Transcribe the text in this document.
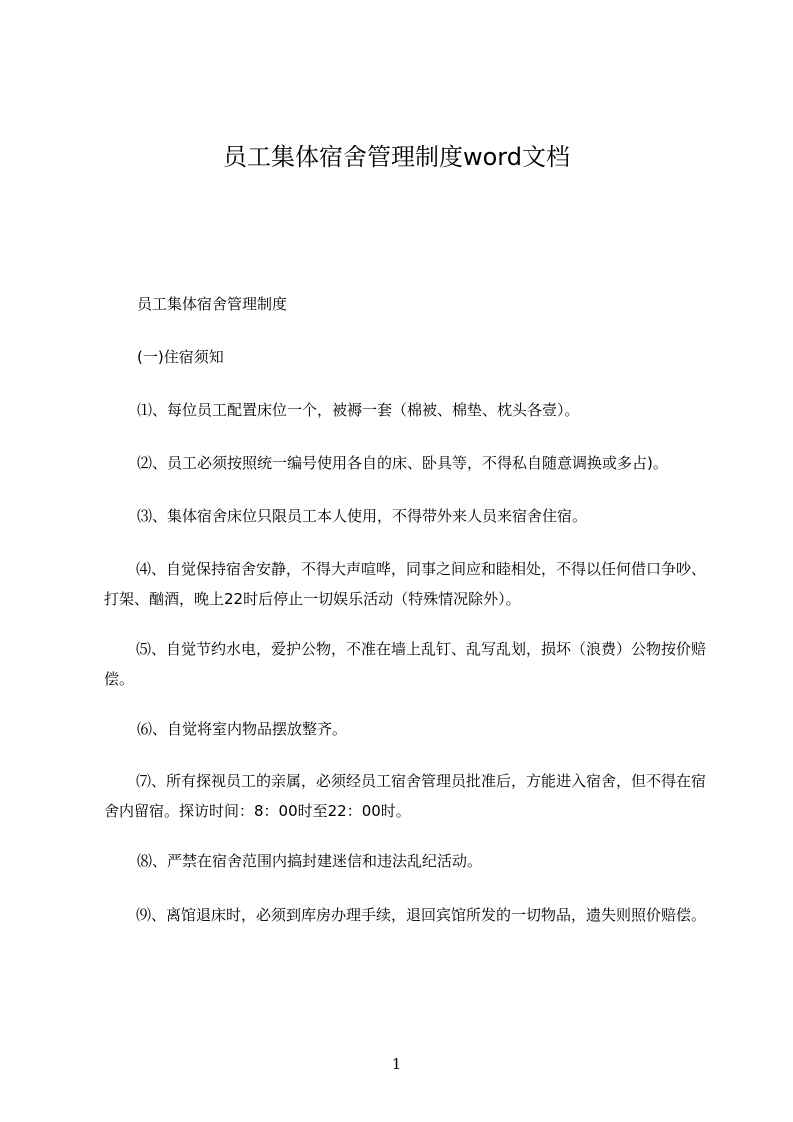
员工集体宿舍管理制度word文档
员工集体宿舍管理制度
(一)住宿须知
⑴、每位员工配置床位一个，被褥一套（棉被、棉垫、枕头各壹）。
⑵、员工必须按照统一编号使用各自的床、卧具等，不得私自随意调换或多占)。
⑶、集体宿舍床位只限员工本人使用，不得带外来人员来宿舍住宿。
⑷、自觉保持宿舍安静，不得大声喧哗，同事之间应和睦相处，不得以任何借口争吵、打架、酗酒，晚上22时后停止一切娱乐活动（特殊情况除外）。
⑸、自觉节约水电，爱护公物，不准在墙上乱钉、乱写乱划，损坏（浪费）公物按价赔偿。
⑹、自觉将室内物品摆放整齐。
⑺、所有探视员工的亲属，必须经员工宿舍管理员批准后，方能进入宿舍，但不得在宿舍内留宿。探访时间：8：00时至22：00时。
⑻、严禁在宿舍范围内搞封建迷信和违法乱纪活动。
⑼、离馆退床时，必须到库房办理手续，退回宾馆所发的一切物品，遗失则照价赔偿。
1
